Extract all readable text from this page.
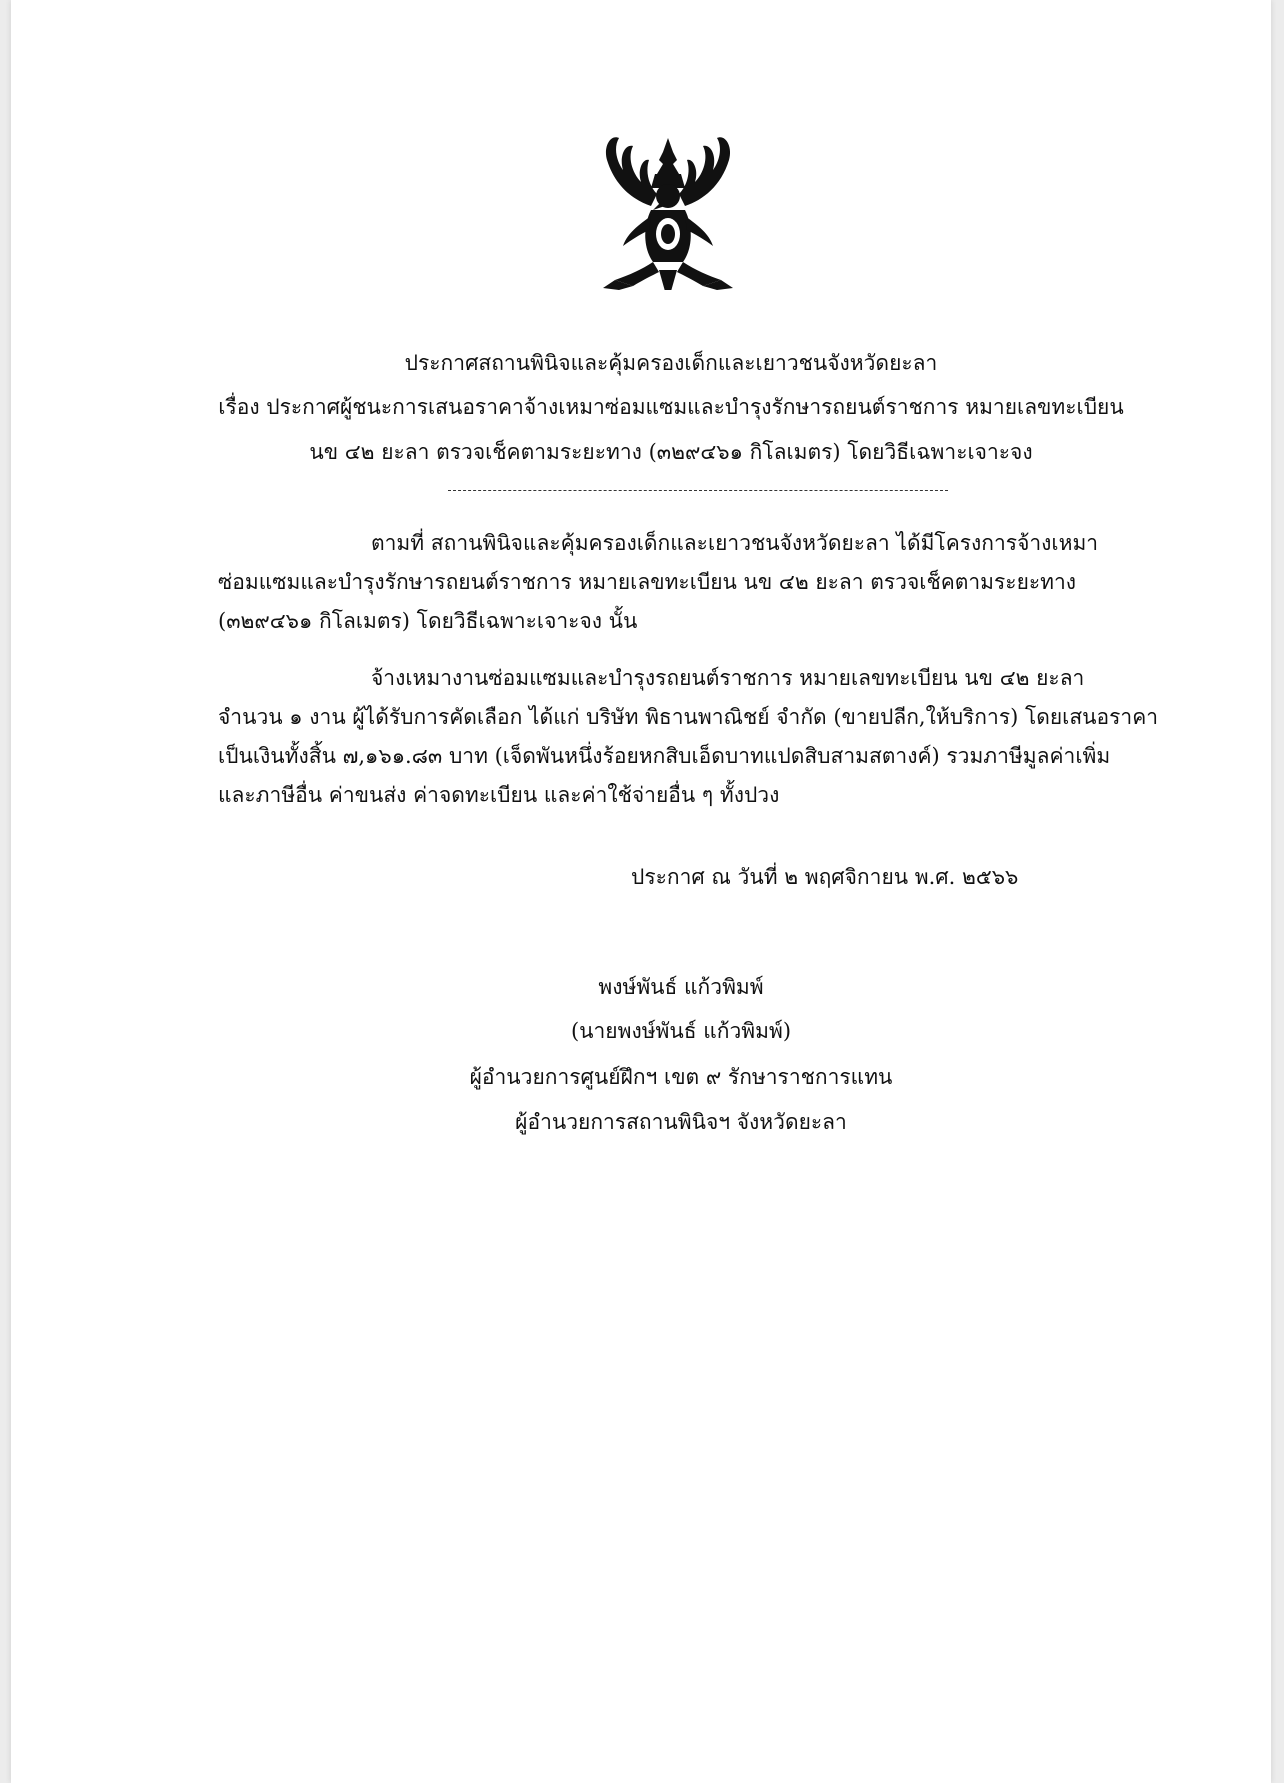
ประกาศสถานพินิจและคุ้มครองเด็กและเยาวชนจังหวัดยะลา
เรื่อง ประกาศผู้ชนะการเสนอราคาจ้างเหมาซ่อมแซมและบำรุงรักษารถยนต์ราชการ หมายเลขทะเบียน
นข ๔๒ ยะลา ตรวจเช็คตามระยะทาง (๓๒๙๔๖๑ กิโลเมตร) โดยวิธีเฉพาะเจาะจง
ตามที่ สถานพินิจและคุ้มครองเด็กและเยาวชนจังหวัดยะลา ได้มีโครงการจ้างเหมา
ซ่อมแซมและบำรุงรักษารถยนต์ราชการ หมายเลขทะเบียน นข ๔๒ ยะลา ตรวจเช็คตามระยะทาง
(๓๒๙๔๖๑ กิโลเมตร) โดยวิธีเฉพาะเจาะจง นั้น
จ้างเหมางานซ่อมแซมและบำรุงรถยนต์ราชการ หมายเลขทะเบียน นข ๔๒ ยะลา
จำนวน ๑ งาน ผู้ได้รับการคัดเลือก ได้แก่ บริษัท พิธานพาณิชย์ จำกัด (ขายปลีก,ให้บริการ) โดยเสนอราคา
เป็นเงินทั้งสิ้น ๗,๑๖๑.๘๓ บาท (เจ็ดพันหนึ่งร้อยหกสิบเอ็ดบาทแปดสิบสามสตางค์) รวมภาษีมูลค่าเพิ่ม
และภาษีอื่น ค่าขนส่ง ค่าจดทะเบียน และค่าใช้จ่ายอื่น ๆ ทั้งปวง
ประกาศ ณ วันที่ ๒ พฤศจิกายน พ.ศ. ๒๕๖๖
พงษ์พันธ์ แก้วพิมพ์
(นายพงษ์พันธ์ แก้วพิมพ์)
ผู้อำนวยการศูนย์ฝึกฯ เขต ๙ รักษาราชการแทน
ผู้อำนวยการสถานพินิจฯ จังหวัดยะลา
